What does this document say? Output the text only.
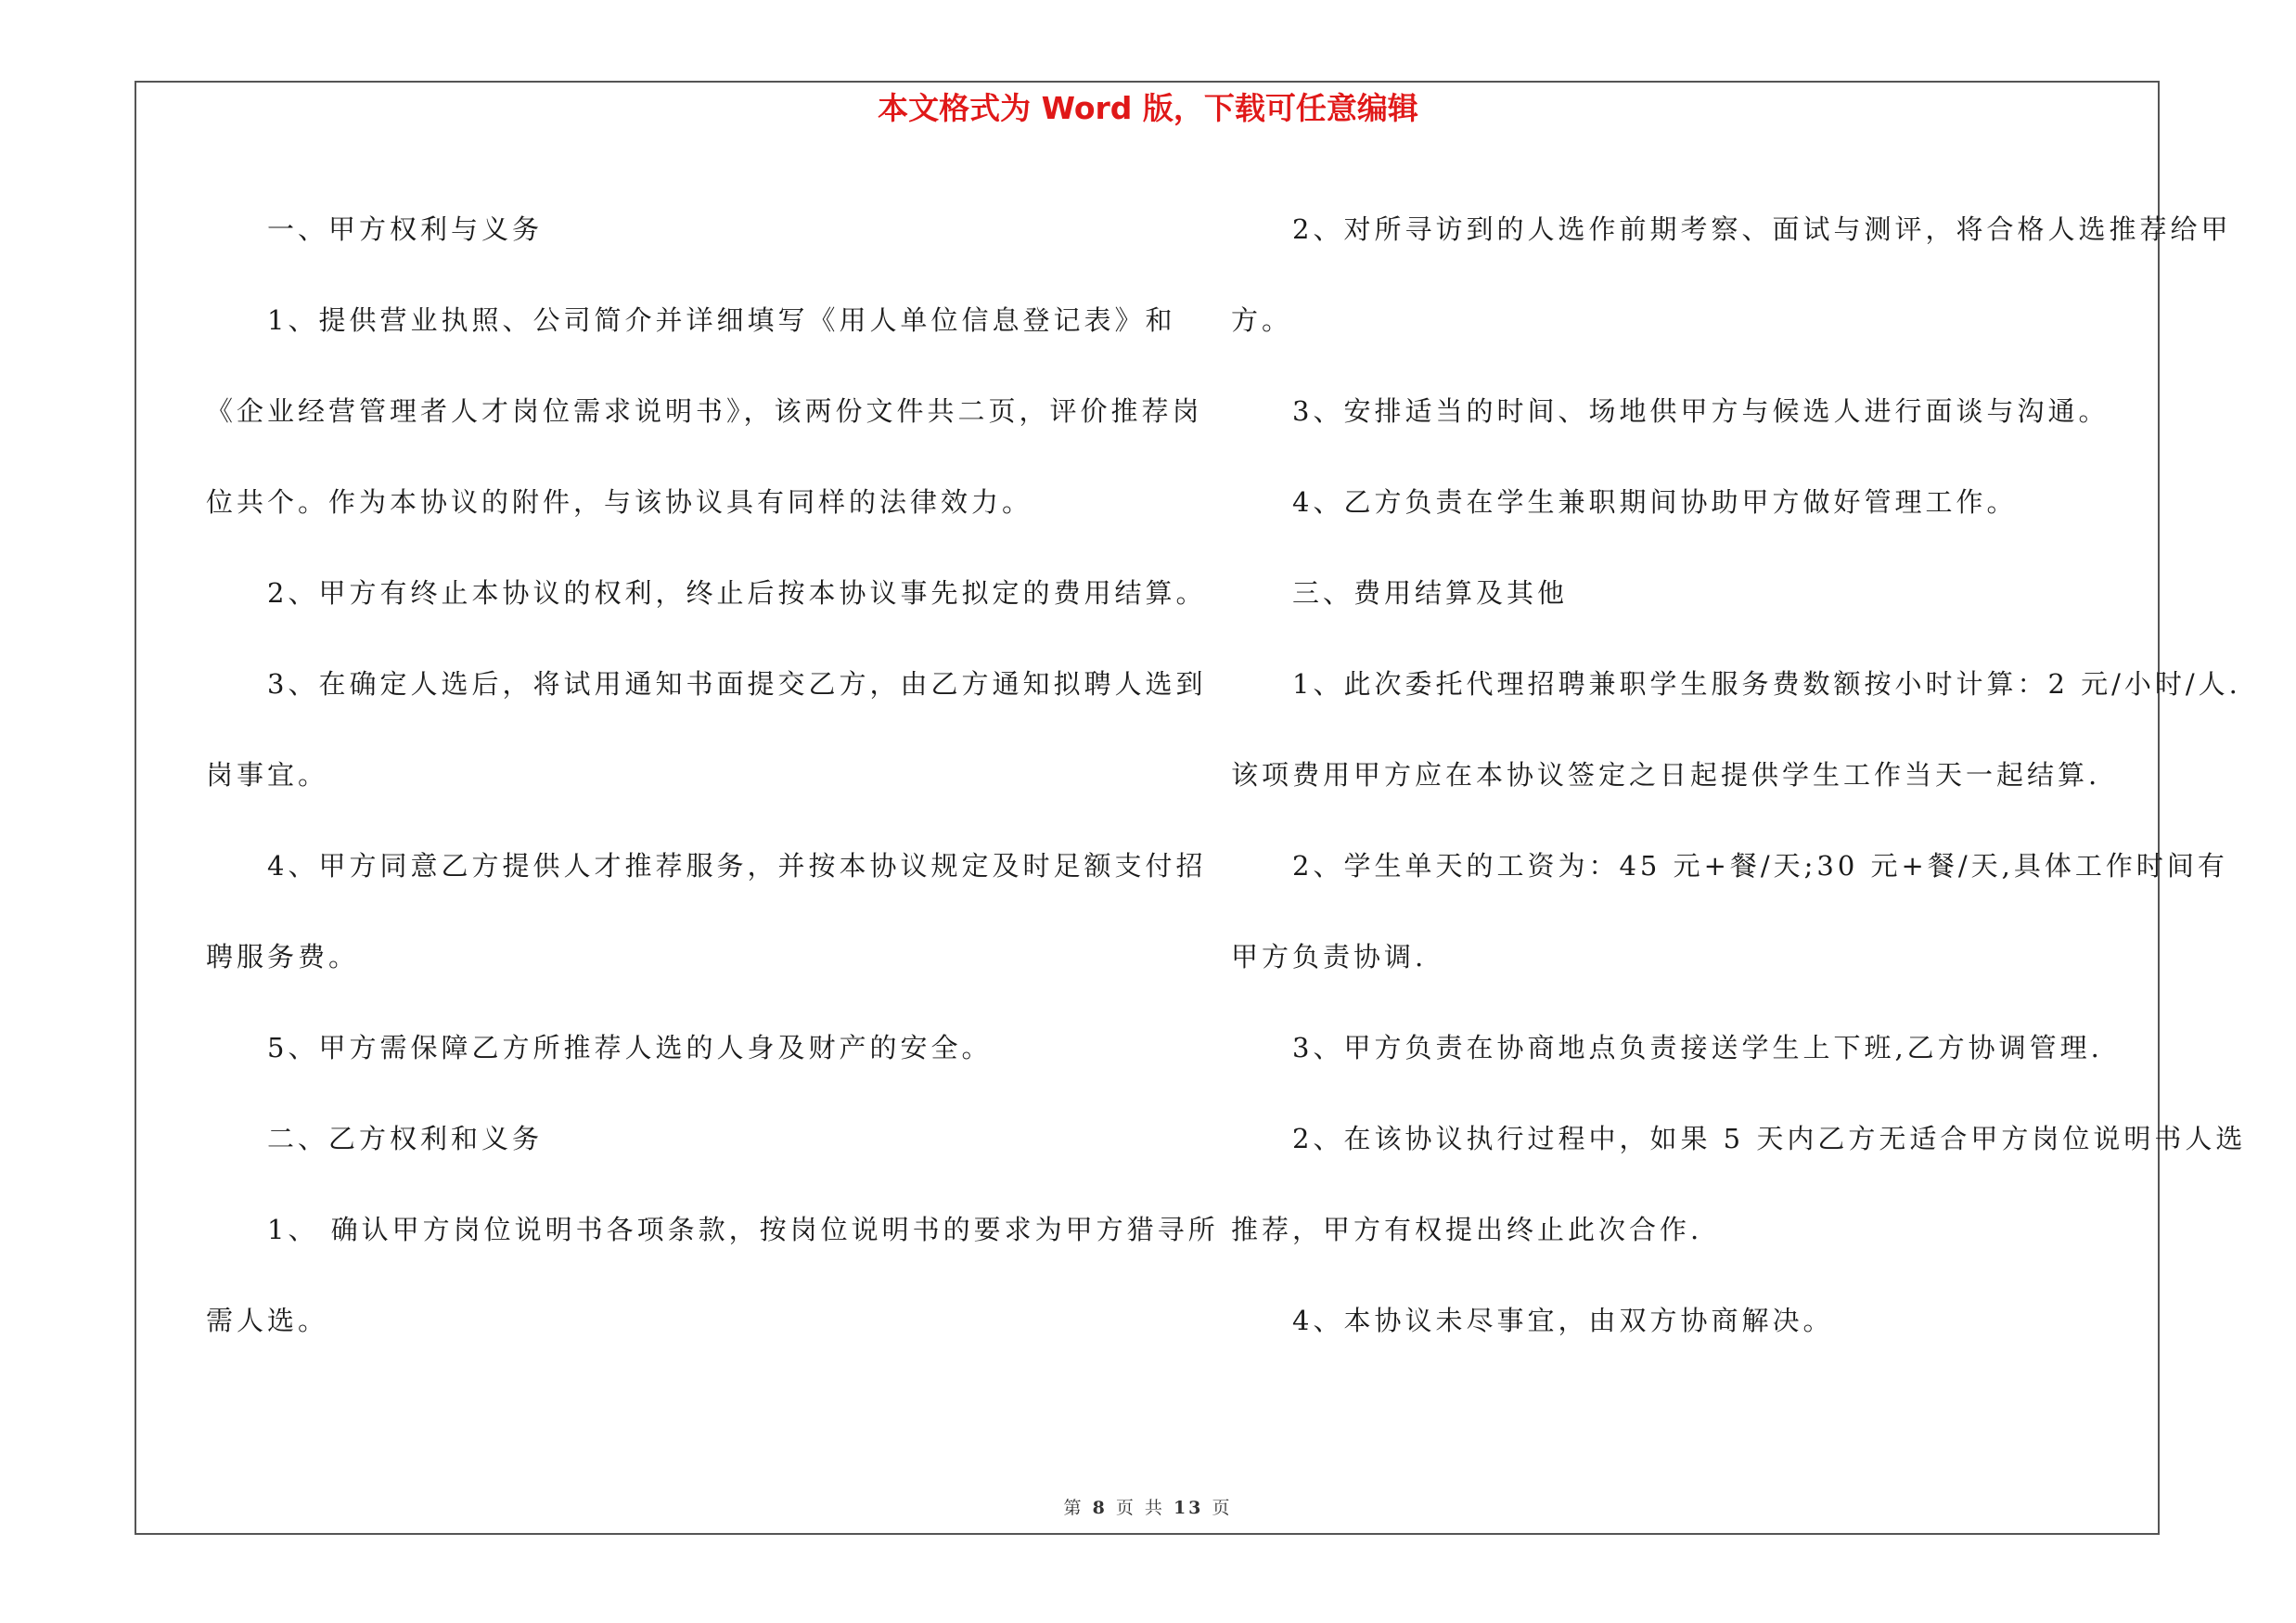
本文格式为 Word 版，下载可任意编辑

一、甲方权利与义务

1、提供营业执照、公司简介并详细填写《用人单位信息登记表》和《企业经营管理者人才岗位需求说明书》，该两份文件共二页，评价推荐岗位共个。作为本协议的附件，与该协议具有同样的法律效力。

2、甲方有终止本协议的权利，终止后按本协议事先拟定的费用结算。

3、在确定人选后，将试用通知书面提交乙方，由乙方通知拟聘人选到岗事宜。

4、甲方同意乙方提供人才推荐服务，并按本协议规定及时足额支付招聘服务费。

5、甲方需保障乙方所推荐人选的人身及财产的安全。

二、乙方权利和义务

1、 确认甲方岗位说明书各项条款，按岗位说明书的要求为甲方猎寻所需人选。

2、对所寻访到的人选作前期考察、面试与测评，将合格人选推荐给甲方。

3、安排适当的时间、场地供甲方与候选人进行面谈与沟通。

4、乙方负责在学生兼职期间协助甲方做好管理工作。

三、费用结算及其他

1、此次委托代理招聘兼职学生服务费数额按小时计算：2 元/小时/人.该项费用甲方应在本协议签定之日起提供学生工作当天一起结算.

2、学生单天的工资为：45 元+餐/天;30 元+餐/天,具体工作时间有甲方负责协调.

3、甲方负责在协商地点负责接送学生上下班,乙方协调管理.

2、在该协议执行过程中，如果 5 天内乙方无适合甲方岗位说明书人选推荐，甲方有权提出终止此次合作.

4、本协议未尽事宜，由双方协商解决。

第 8 页 共 13 页
